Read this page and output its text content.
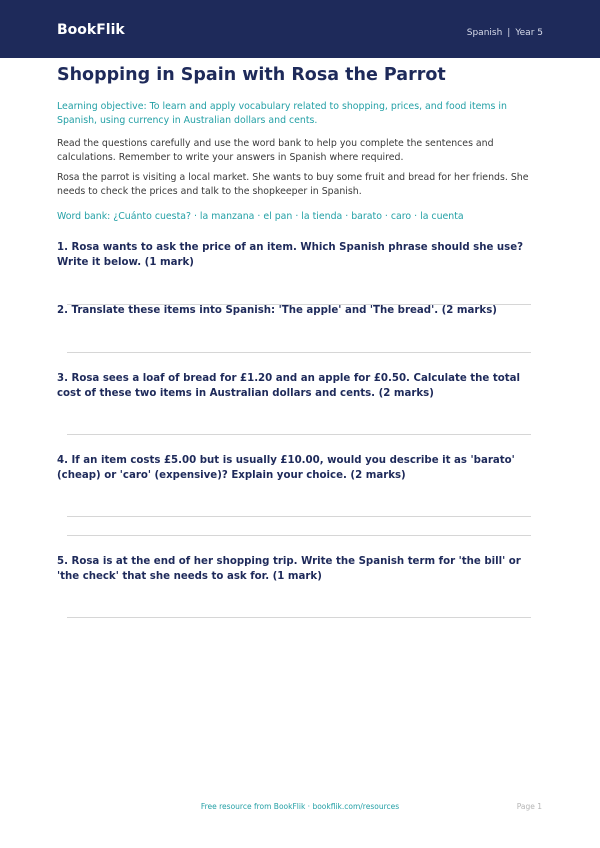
BookFlik	Spanish | Year 5
Shopping in Spain with Rosa the Parrot
Learning objective: To learn and apply vocabulary related to shopping, prices, and food items in Spanish, using currency in Australian dollars and cents.
Read the questions carefully and use the word bank to help you complete the sentences and calculations. Remember to write your answers in Spanish where required.
Rosa the parrot is visiting a local market. She wants to buy some fruit and bread for her friends. She needs to check the prices and talk to the shopkeeper in Spanish.
Word bank: ¿Cuánto cuesta? · la manzana · el pan · la tienda · barato · caro · la cuenta
1. Rosa wants to ask the price of an item. Which Spanish phrase should she use? Write it below. (1 mark)
2. Translate these items into Spanish: 'The apple' and 'The bread'. (2 marks)
3. Rosa sees a loaf of bread for £1.20 and an apple for £0.50. Calculate the total cost of these two items in Australian dollars and cents. (2 marks)
4. If an item costs £5.00 but is usually £10.00, would you describe it as 'barato' (cheap) or 'caro' (expensive)? Explain your choice. (2 marks)
5. Rosa is at the end of her shopping trip. Write the Spanish term for 'the bill' or 'the check' that she needs to ask for. (1 mark)
Free resource from BookFlik · bookflik.com/resources	Page 1
